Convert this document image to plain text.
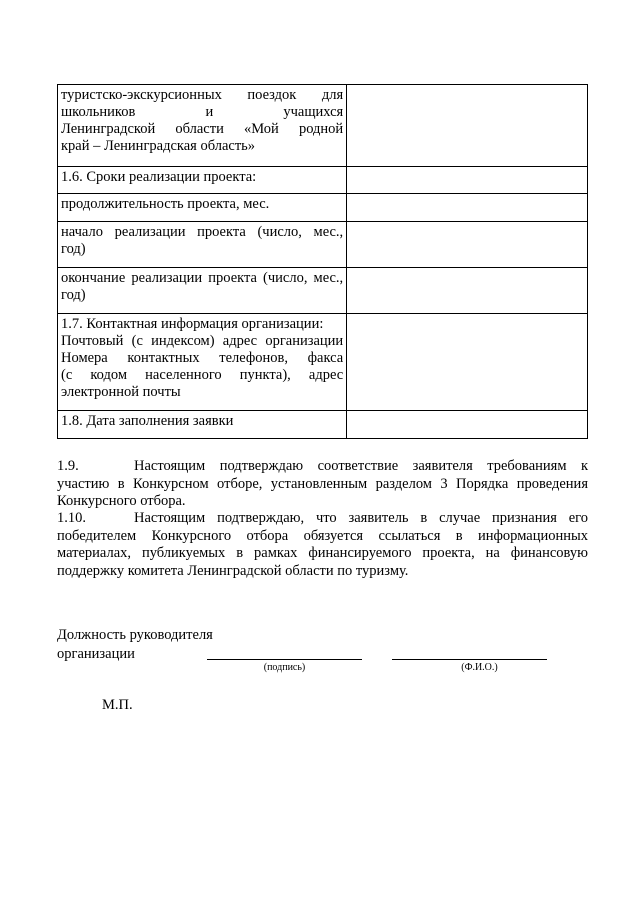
туристско-экскурсионных поездок для
школьников и учащихся
Ленинградской области «Мой родной
край – Ленинградская область»	

1.6. Сроки реализации проекта:	

продолжительность проекта, мес.	

начало реализации проекта (число, мес.,
год)	

окончание реализации проекта (число, мес.,
год)	

1.7. Контактная информация организации:
Почтовый (с индексом) адрес организации
Номера контактных телефонов, факса
(с кодом населенного пункта), адрес
электронной почты	

1.8. Дата заполнения заявки	

1.9.	Настоящим подтверждаю соответствие заявителя требованиям к участию в Конкурсном отборе, установленным разделом 3 Порядка проведения Конкурсного отбора.
1.10.	Настоящим подтверждаю, что заявитель в случае признания его победителем Конкурсного отбора обязуется ссылаться в информационных материалах, публикуемых в рамках финансируемого проекта, на финансовую поддержку комитета Ленинградской области по туризму.
Должность руководителя
организации
(подпись)	(Ф.И.О.)
М.П.
